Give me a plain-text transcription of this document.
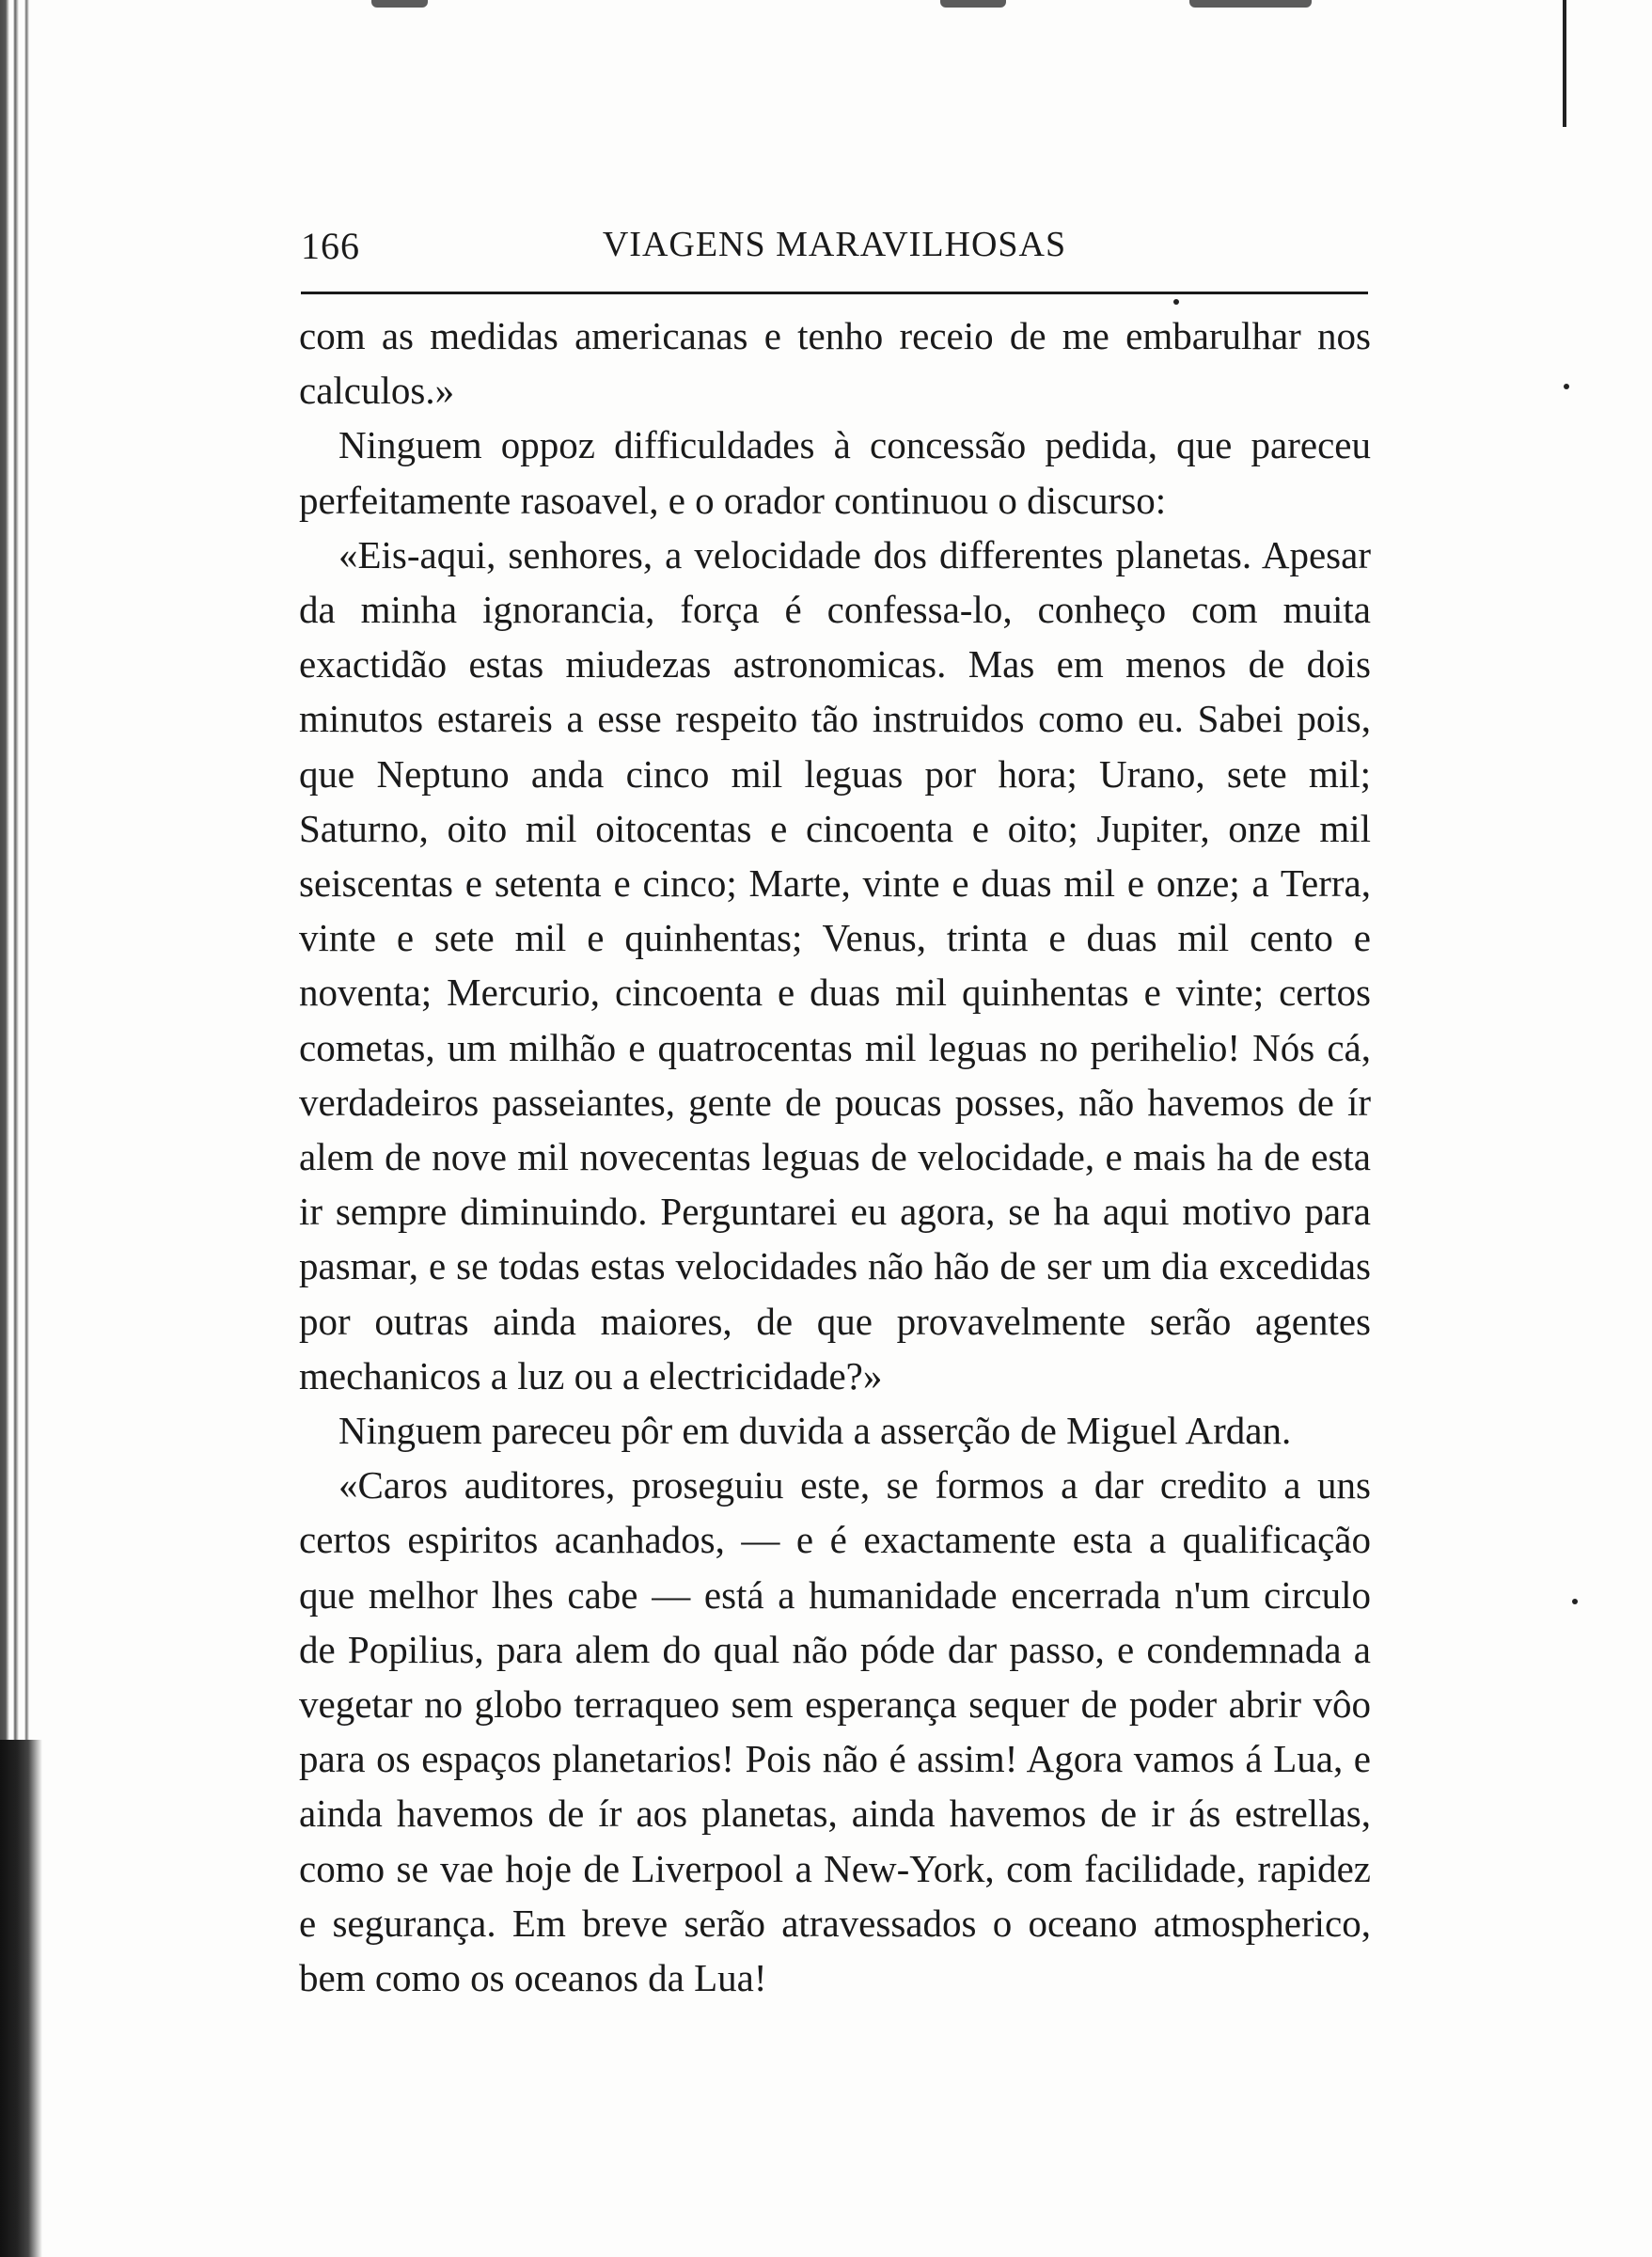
166	VIAGENS MARAVILHOSAS

com as medidas americanas e tenho receio de me embarulhar nos calculos.»

Ninguem oppoz difficuldades à concessão pedida, que pareceu perfeitamente rasoavel, e o orador continuou o discurso:

«Eis-aqui, senhores, a velocidade dos differentes planetas. Apesar da minha ignorancia, força é confessa-lo, conheço com muita exactidão estas miudezas astronomicas. Mas em menos de dois minutos estareis a esse respeito tão instruidos como eu. Sabei pois, que Neptuno anda cinco mil leguas por hora; Urano, sete mil; Saturno, oito mil oitocentas e cincoenta e oito; Jupiter, onze mil seiscentas e setenta e cinco; Marte, vinte e duas mil e onze; a Terra, vinte e sete mil e quinhentas; Venus, trinta e duas mil cento e noventa; Mercurio, cincoenta e duas mil quinhentas e vinte; certos cometas, um milhão e quatrocentas mil leguas no perihelio! Nós cá, verdadeiros passeiantes, gente de poucas posses, não havemos de ír alem de nove mil novecentas leguas de velocidade, e mais ha de esta ir sempre diminuindo. Perguntarei eu agora, se ha aqui motivo para pasmar, e se todas estas velocidades não hão de ser um dia excedidas por outras ainda maiores, de que provavelmente serão agentes mechanicos a luz ou a electricidade?»

Ninguem pareceu pôr em duvida a asserção de Miguel Ardan.

«Caros auditores, proseguiu este, se formos a dar credito a uns certos espiritos acanhados, — e é exactamente esta a qualificação que melhor lhes cabe — está a humanidade encerrada n'um circulo de Popilius, para alem do qual não póde dar passo, e condemnada a vegetar no globo terraqueo sem esperança sequer de poder abrir vôo para os espaços planetarios! Pois não é assim! Agora vamos á Lua, e ainda havemos de ír aos planetas, ainda havemos de ir ás estrellas, como se vae hoje de Liverpool a New-York, com facilidade, rapidez e segurança. Em breve serão atravessados o oceano atmospherico, bem como os oceanos da Lua!
